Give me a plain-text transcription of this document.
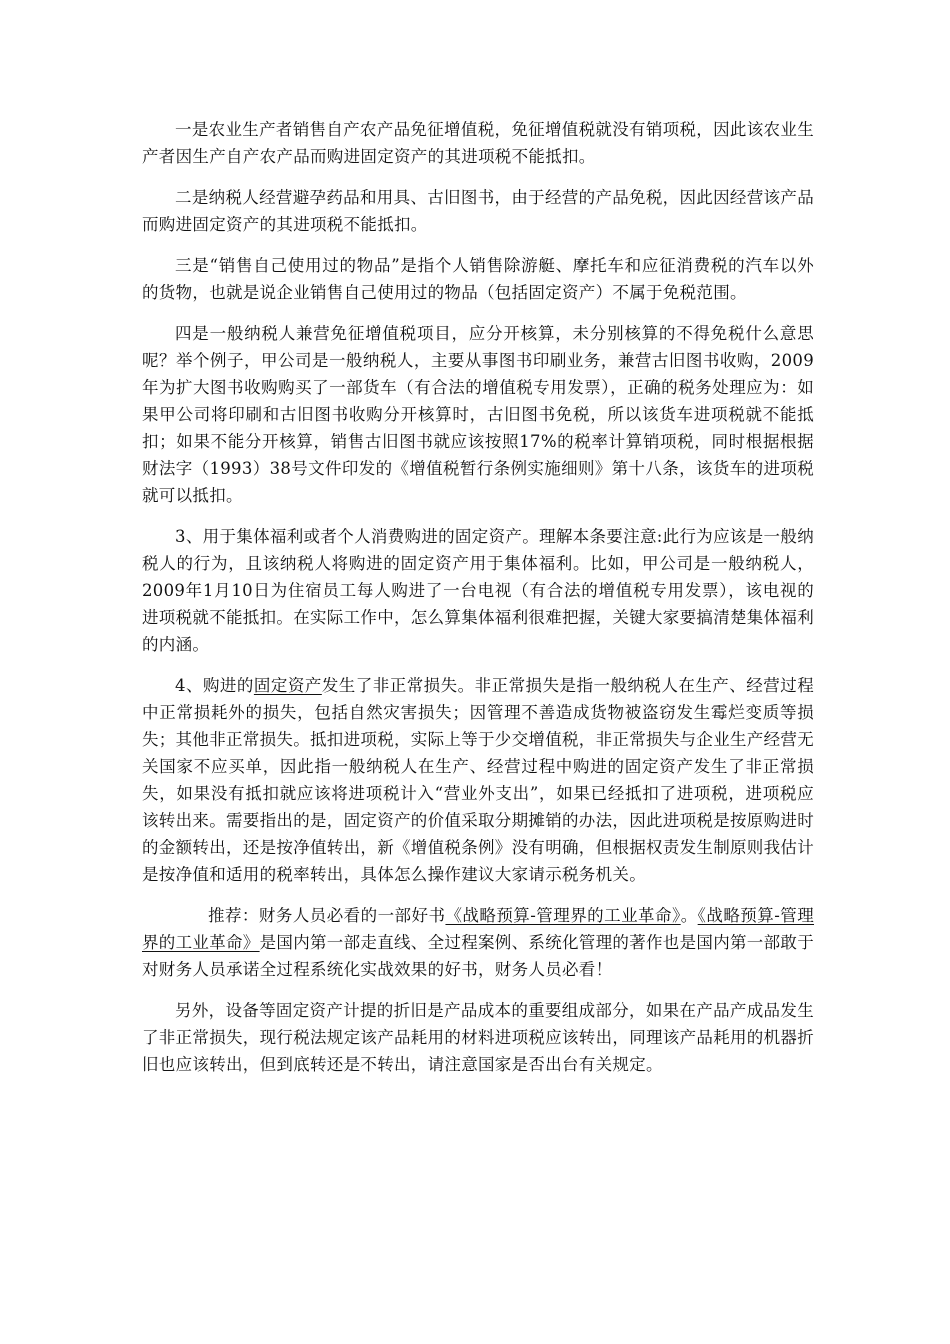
一是农业生产者销售自产农产品免征增值税，免征增值税就没有销项税，因此该农业生产者因生产自产农产品而购进固定资产的其进项税不能抵扣。

二是纳税人经营避孕药品和用具、古旧图书，由于经营的产品免税，因此因经营该产品而购进固定资产的其进项税不能抵扣。

三是“销售自己使用过的物品”是指个人销售除游艇、摩托车和应征消费税的汽车以外的货物，也就是说企业销售自己使用过的物品（包括固定资产）不属于免税范围。

四是一般纳税人兼营免征增值税项目，应分开核算，未分别核算的不得免税什么意思呢？举个例子，甲公司是一般纳税人，主要从事图书印刷业务，兼营古旧图书收购，2009年为扩大图书收购购买了一部货车（有合法的增值税专用发票），正确的税务处理应为：如果甲公司将印刷和古旧图书收购分开核算时，古旧图书免税，所以该货车进项税就不能抵扣；如果不能分开核算，销售古旧图书就应该按照17%的税率计算销项税，同时根据根据财法字（1993）38号文件印发的《增值税暂行条例实施细则》第十八条，该货车的进项税就可以抵扣。

3、用于集体福利或者个人消费购进的固定资产。理解本条要注意:此行为应该是一般纳税人的行为，且该纳税人将购进的固定资产用于集体福利。比如，甲公司是一般纳税人，2009年1月10日为住宿员工每人购进了一台电视（有合法的增值税专用发票），该电视的进项税就不能抵扣。在实际工作中，怎么算集体福利很难把握，关键大家要搞清楚集体福利的内涵。

4、购进的固定资产发生了非正常损失。非正常损失是指一般纳税人在生产、经营过程中正常损耗外的损失，包括自然灾害损失；因管理不善造成货物被盗窃发生霉烂变质等损失；其他非正常损失。抵扣进项税，实际上等于少交增值税，非正常损失与企业生产经营无关国家不应买单，因此指一般纳税人在生产、经营过程中购进的固定资产发生了非正常损失，如果没有抵扣就应该将进项税计入“营业外支出”，如果已经抵扣了进项税，进项税应该转出来。需要指出的是，固定资产的价值采取分期摊销的办法，因此进项税是按原购进时的金额转出，还是按净值转出，新《增值税条例》没有明确，但根据权责发生制原则我估计是按净值和适用的税率转出，具体怎么操作建议大家请示税务机关。

推荐：财务人员必看的一部好书《战略预算-管理界的工业革命》。《战略预算-管理界的工业革命》是国内第一部走直线、全过程案例、系统化管理的著作也是国内第一部敢于对财务人员承诺全过程系统化实战效果的好书，财务人员必看！

另外，设备等固定资产计提的折旧是产品成本的重要组成部分，如果在产品产成品发生了非正常损失，现行税法规定该产品耗用的材料进项税应该转出，同理该产品耗用的机器折旧也应该转出，但到底转还是不转出，请注意国家是否出台有关规定。
